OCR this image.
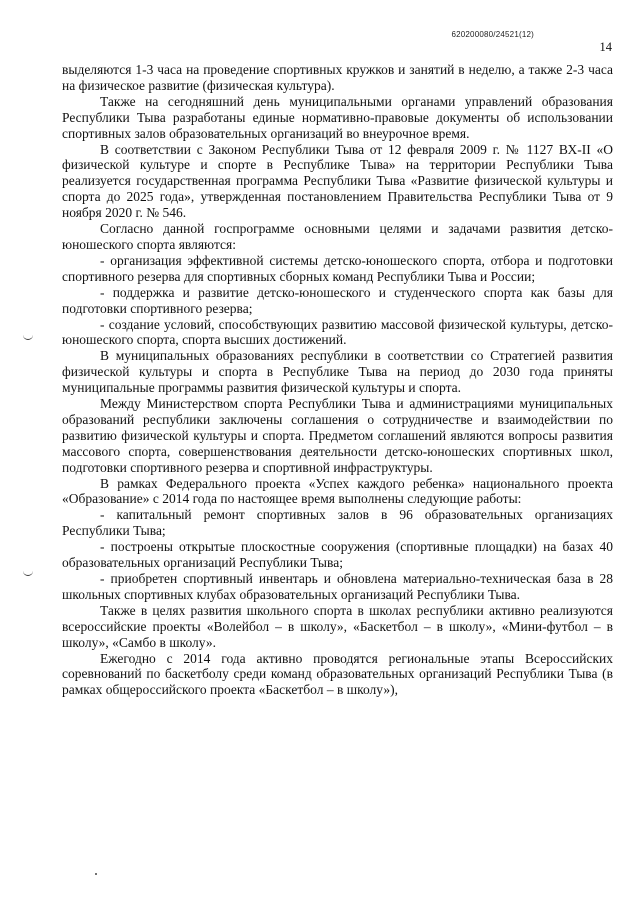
620200080/24521(12)
14

выделяются 1-3 часа на проведение спортивных кружков и занятий в неделю, а также 2-3 часа на физическое развитие (физическая культура).

Также на сегодняшний день муниципальными органами управлений образования Республики Тыва разработаны единые нормативно-правовые документы об использовании спортивных залов образовательных организаций во внеурочное время.

В соответствии с Законом Республики Тыва от 12 февраля 2009 г. № 1127 ВХ-II «О физической культуре и спорте в Республике Тыва» на территории Республики Тыва реализуется государственная программа Республики Тыва «Развитие физической культуры и спорта до 2025 года», утвержденная постановлением Правительства Республики Тыва от 9 ноября 2020 г. № 546.

Согласно данной госпрограмме основными целями и задачами развития детско-юношеского спорта являются:

- организация эффективной системы детско-юношеского спорта, отбора и подготовки спортивного резерва для спортивных сборных команд Республики Тыва и России;

- поддержка и развитие детско-юношеского и студенческого спорта как базы для подготовки спортивного резерва;

- создание условий, способствующих развитию массовой физической культуры, детско-юношеского спорта, спорта высших достижений.

В муниципальных образованиях республики в соответствии со Стратегией развития физической культуры и спорта в Республике Тыва на период до 2030 года приняты муниципальные программы развития физической культуры и спорта.

Между Министерством спорта Республики Тыва и администрациями муниципальных образований республики заключены соглашения о сотрудничестве и взаимодействии по развитию физической культуры и спорта. Предметом соглашений являются вопросы развития массового спорта, совершенствования деятельности детско-юношеских спортивных школ, подготовки спортивного резерва и спортивной инфраструктуры.

В рамках Федерального проекта «Успех каждого ребенка» национального проекта «Образование» с 2014 года по настоящее время выполнены следующие работы:

- капитальный ремонт спортивных залов в 96 образовательных организациях Республики Тыва;

- построены открытые плоскостные сооружения (спортивные площадки) на базах 40 образовательных организаций Республики Тыва;

- приобретен спортивный инвентарь и обновлена материально-техническая база в 28 школьных спортивных клубах образовательных организаций Республики Тыва.

Также в целях развития школьного спорта в школах республики активно реализуются всероссийские проекты «Волейбол – в школу», «Баскетбол – в школу», «Мини-футбол – в школу», «Самбо в школу».

Ежегодно с 2014 года активно проводятся региональные этапы Всероссийских соревнований по баскетболу среди команд образовательных организаций Республики Тыва (в рамках общероссийского проекта «Баскетбол – в школу»),
